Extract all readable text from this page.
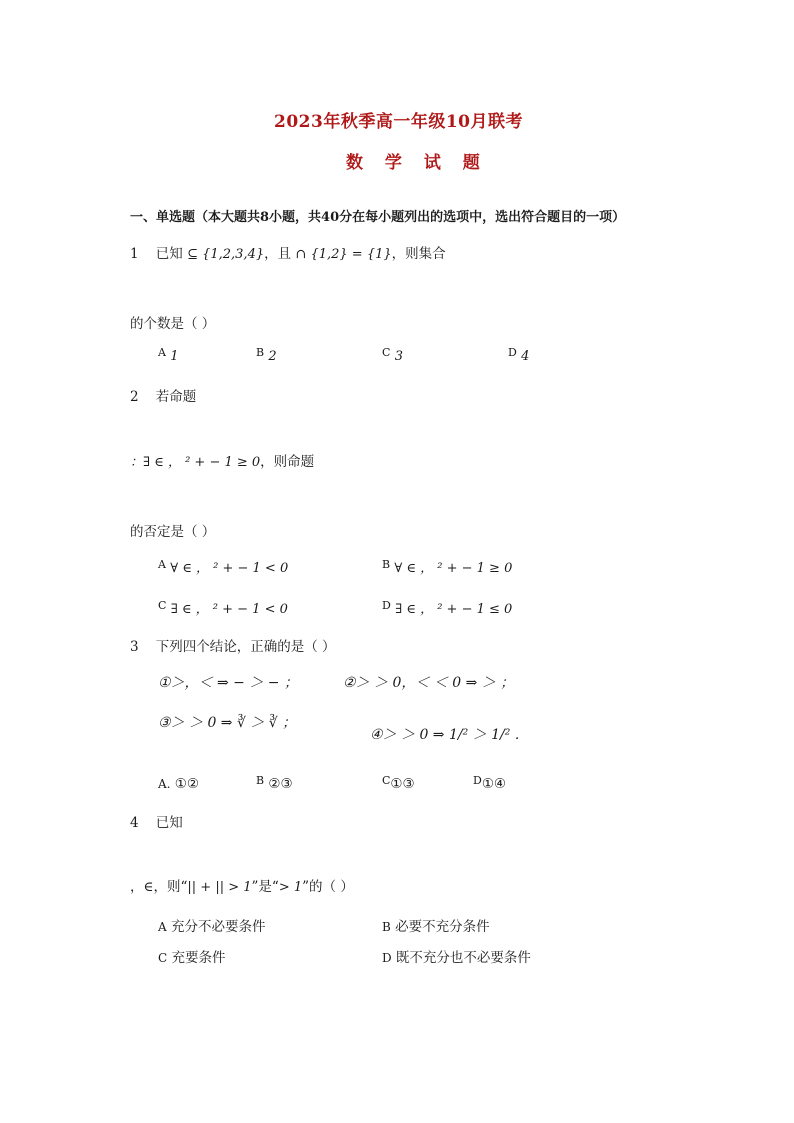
2023年秋季高一年级10月联考
数 学 试 题
一、单选题（本大题共8小题，共40分在每小题列出的选项中，选出符合题目的一项）
1 已知 ⊆ {1,2,3,4}，且 ∩ {1,2} = {1}，则集合
的个数是（ ）
$^A$ 1	$^B$ 2	$^C$ 3	$^D$ 4
2 若命题
：∃ ∈ ， ² + − 1 ≥ 0，则命题
的否定是（ ）
$^A$ ∀ ∈ ， ² + − 1 < 0	$^B$ ∀ ∈ ， ² + − 1 ≥ 0
$^C$ ∃ ∈ ， ² + − 1 < 0	$^D$ ∃ ∈ ， ² + − 1 ≤ 0
3 下列四个结论，正确的是（ ）
①＞，＜ ⇒ − ＞ − ；	②＞ ＞ 0，＜ ＜ 0 ⇒ ＞ ；
③＞ ＞ 0 ⇒ ∛ ＞ ∛ ；
④＞ ＞ 0 ⇒ 1/² ＞ 1/² ．
A. ①②	$^B$ ②③	$^C$①③	$^D$①④
4 已知
，∈，则“|| + || > 1”是“> 1”的（ ）
A 充分不必要条件	B 必要不充分条件
C 充要条件	D 既不充分也不必要条件
